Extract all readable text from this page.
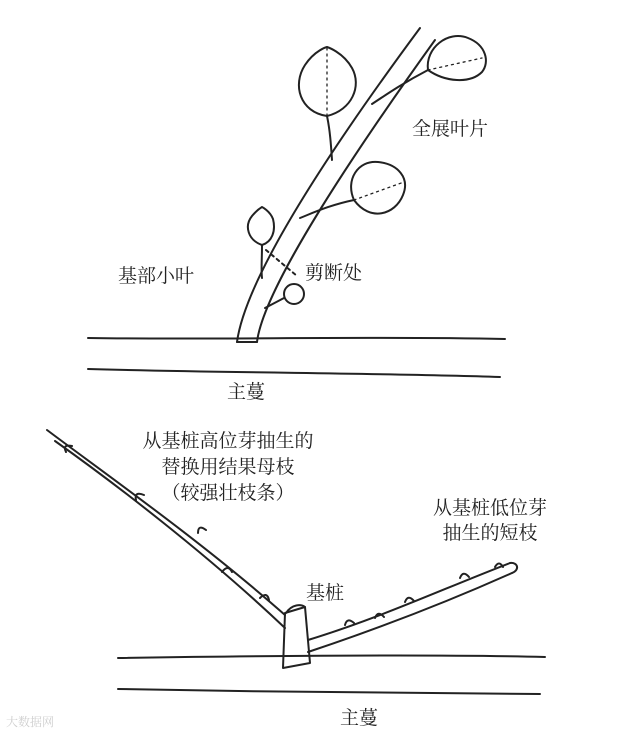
全展叶片
基部小叶	剪断处
主蔓
从基桩高位芽抽生的
替换用结果母枝
（较强壮枝条）
从基桩低位芽
抽生的短枝
基桩
主蔓
大数据网
